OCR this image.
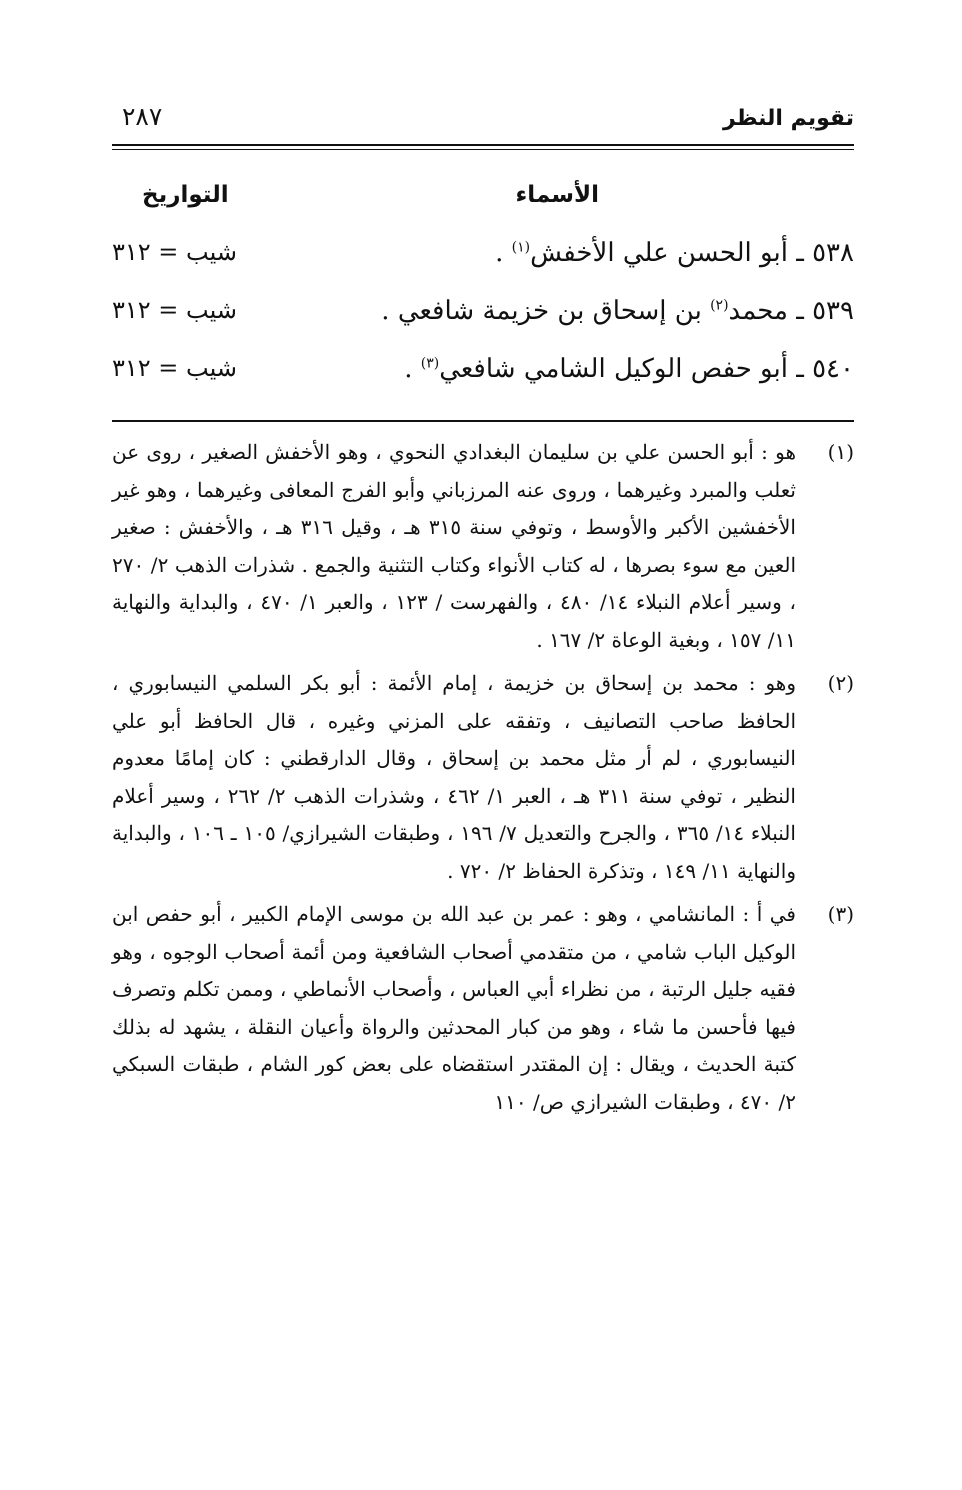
تقويم النظر
٢٨٧
الأسماء
التواريخ
٥٣٨ ـ أبو الحسن علي الأخفش$^{(١)}$ .
شيب = ٣١٢
٥٣٩ ـ محمد$^{(٢)}$ بن إسحاق بن خزيمة شافعي .
شيب = ٣١٢
٥٤٠ ـ أبو حفص الوكيل الشامي شافعي$^{(٣)}$ .
شيب = ٣١٢
(١)
هو : أبو الحسن علي بن سليمان البغدادي النحوي ، وهو الأخفش الصغير ، روى عن ثعلب والمبرد وغيرهما ، وروى عنه المرزباني وأبو الفرج المعافى وغيرهما ، وهو غير الأخفشين الأكبر والأوسط ، وتوفي سنة ٣١٥ هـ ، وقيل ٣١٦ هـ ، والأخفش : صغير العين مع سوء بصرها ، له كتاب الأنواء وكتاب التثنية والجمع . شذرات الذهب ٢/ ٢٧٠ ، وسير أعلام النبلاء ١٤/ ٤٨٠ ، والفهرست / ١٢٣ ، والعبر ١/ ٤٧٠ ، والبداية والنهاية ١١/ ١٥٧ ، وبغية الوعاة ٢/ ١٦٧ .
(٢)
وهو : محمد بن إسحاق بن خزيمة ، إمام الأئمة : أبو بكر السلمي النيسابوري ، الحافظ صاحب التصانيف ، وتفقه على المزني وغيره ، قال الحافظ أبو علي النيسابوري ، لم أر مثل محمد بن إسحاق ، وقال الدارقطني : كان إمامًا معدوم النظير ، توفي سنة ٣١١ هـ ، العبر ١/ ٤٦٢ ، وشذرات الذهب ٢/ ٢٦٢ ، وسير أعلام النبلاء ١٤/ ٣٦٥ ، والجرح والتعديل ٧/ ١٩٦ ، وطبقات الشيرازي/ ١٠٥ ـ ١٠٦ ، والبداية والنهاية ١١/ ١٤٩ ، وتذكرة الحفاظ ٢/ ٧٢٠ .
(٣)
في أ : المانشامي ، وهو : عمر بن عبد الله بن موسى الإمام الكبير ، أبو حفص ابن الوكيل الباب شامي ، من متقدمي أصحاب الشافعية ومن أئمة أصحاب الوجوه ، وهو فقيه جليل الرتبة ، من نظراء أبي العباس ، وأصحاب الأنماطي ، وممن تكلم وتصرف فيها فأحسن ما شاء ، وهو من كبار المحدثين والرواة وأعيان النقلة ، يشهد له بذلك كتبة الحديث ، ويقال : إن المقتدر استقضاه على بعض كور الشام ، طبقات السبكي ٢/ ٤٧٠ ، وطبقات الشيرازي ص/ ١١٠
